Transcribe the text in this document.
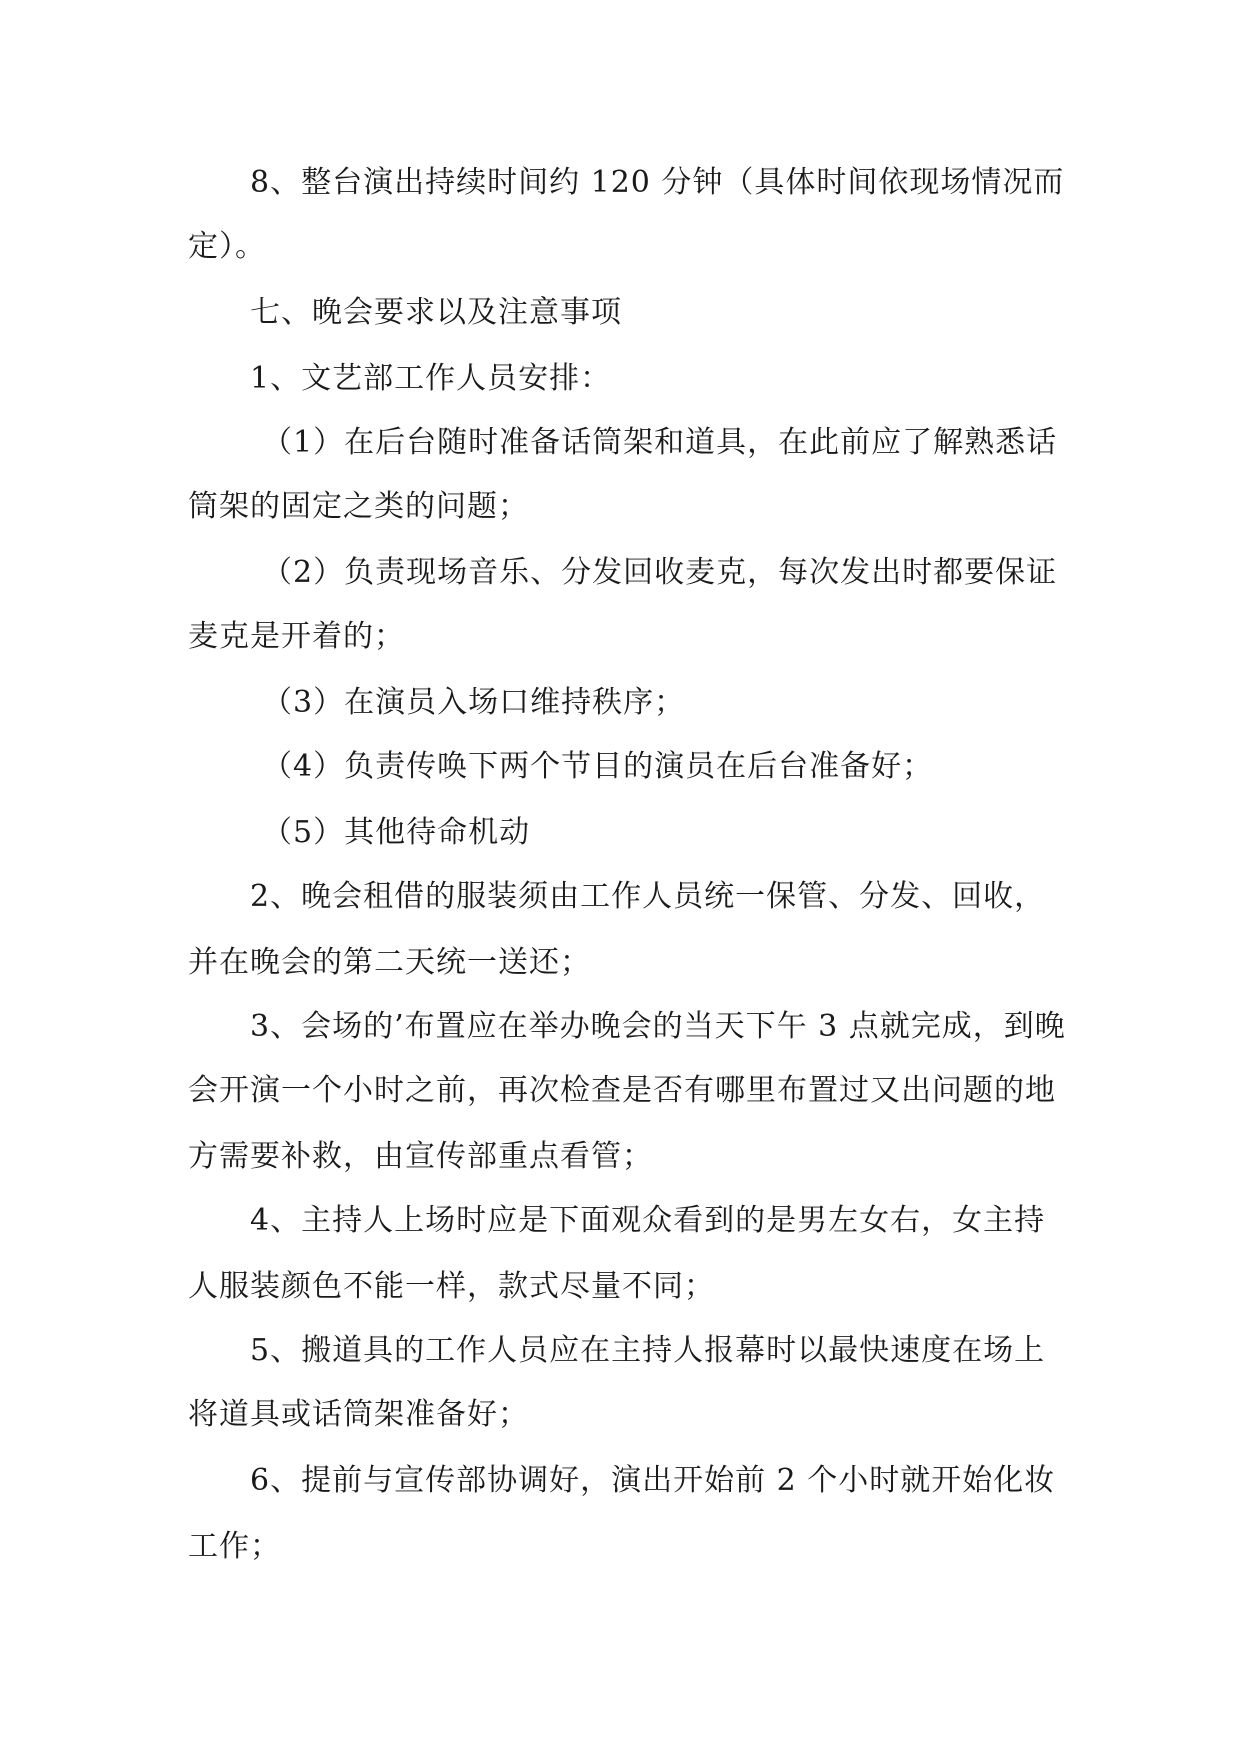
8、整台演出持续时间约 120 分钟（具体时间依现场情况而
定）。
七、晚会要求以及注意事项
1、文艺部工作人员安排：
（1）在后台随时准备话筒架和道具，在此前应了解熟悉话
筒架的固定之类的问题；
（2）负责现场音乐、分发回收麦克，每次发出时都要保证
麦克是开着的；
（3）在演员入场口维持秩序；
（4）负责传唤下两个节目的演员在后台准备好；
（5）其他待命机动
2、晚会租借的服装须由工作人员统一保管、分发、回收，
并在晚会的第二天统一送还；
3、会场的’布置应在举办晚会的当天下午 3 点就完成，到晚
会开演一个小时之前，再次检查是否有哪里布置过又出问题的地
方需要补救，由宣传部重点看管；
4、主持人上场时应是下面观众看到的是男左女右，女主持
人服装颜色不能一样，款式尽量不同；
5、搬道具的工作人员应在主持人报幕时以最快速度在场上
将道具或话筒架准备好；
6、提前与宣传部协调好，演出开始前 2 个小时就开始化妆
工作；
